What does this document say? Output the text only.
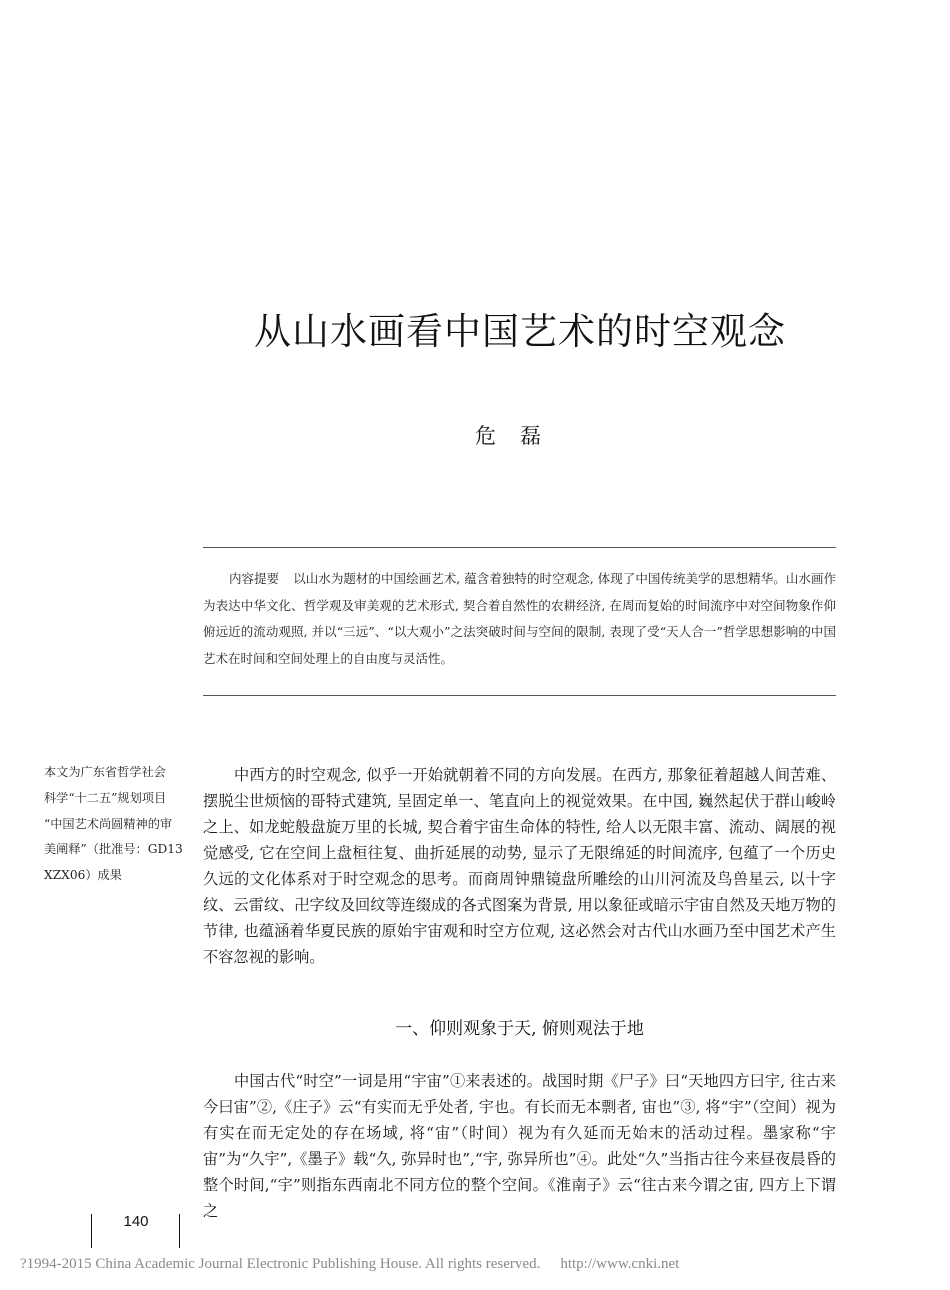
从山水画看中国艺术的时空观念
危磊
内容提要 以山水为题材的中国绘画艺术, 蕴含着独特的时空观念, 体现了中国传统美学的思想精华。山水画作为表达中华文化、哲学观及审美观的艺术形式, 契合着自然性的农耕经济, 在周而复始的时间流序中对空间物象作仰俯远近的流动观照, 并以“三远”、“以大观小”之法突破时间与空间的限制, 表现了受“天人合一”哲学思想影响的中国艺术在时间和空间处理上的自由度与灵活性。

本文为广东省哲学社会

科学“十二五”规划项目

“中国艺术尚圆精神的审

美阐释”（批准号：GD13

XZX06）成果

中西方的时空观念, 似乎一开始就朝着不同的方向发展。在西方, 那象征着超越人间苦难、摆脱尘世烦恼的哥特式建筑, 呈固定单一、笔直向上的视觉效果。在中国, 巍然起伏于群山峻岭之上、如龙蛇般盘旋万里的长城, 契合着宇宙生命体的特性, 给人以无限丰富、流动、阔展的视觉感受, 它在空间上盘桓往复、曲折延展的动势, 显示了无限绵延的时间流序, 包蕴了一个历史久远的文化体系对于时空观念的思考。而商周钟鼎镜盘所雕绘的山川河流及鸟兽星云, 以十字纹、云雷纹、卍字纹及回纹等连缀成的各式图案为背景, 用以象征或暗示宇宙自然及天地万物的节律, 也蕴涵着华夏民族的原始宇宙观和时空方位观, 这必然会对古代山水画乃至中国艺术产生不容忽视的影响。

一、仰则观象于天, 俯则观法于地

中国古代“时空”一词是用“宇宙”①来表述的。战国时期《尸子》曰“天地四方曰宇, 往古来今曰宙”②,《庄子》云“有实而无乎处者, 宇也。有长而无本剽者, 宙也”③, 将“宇”（空间）视为有实在而无定处的存在场域, 将“宙”（时间）视为有久延而无始末的活动过程。墨家称“宇宙”为“久宇”,《墨子》载“久, 弥异时也”,“宇, 弥异所也”④。此处“久”当指古往今来昼夜晨昏的整个时间,“宇”则指东西南北不同方位的整个空间。《淮南子》云“往古来今谓之宙, 四方上下谓之

140
?1994-2015 China Academic Journal Electronic Publishing House. All rights reserved. http://www.cnki.net
